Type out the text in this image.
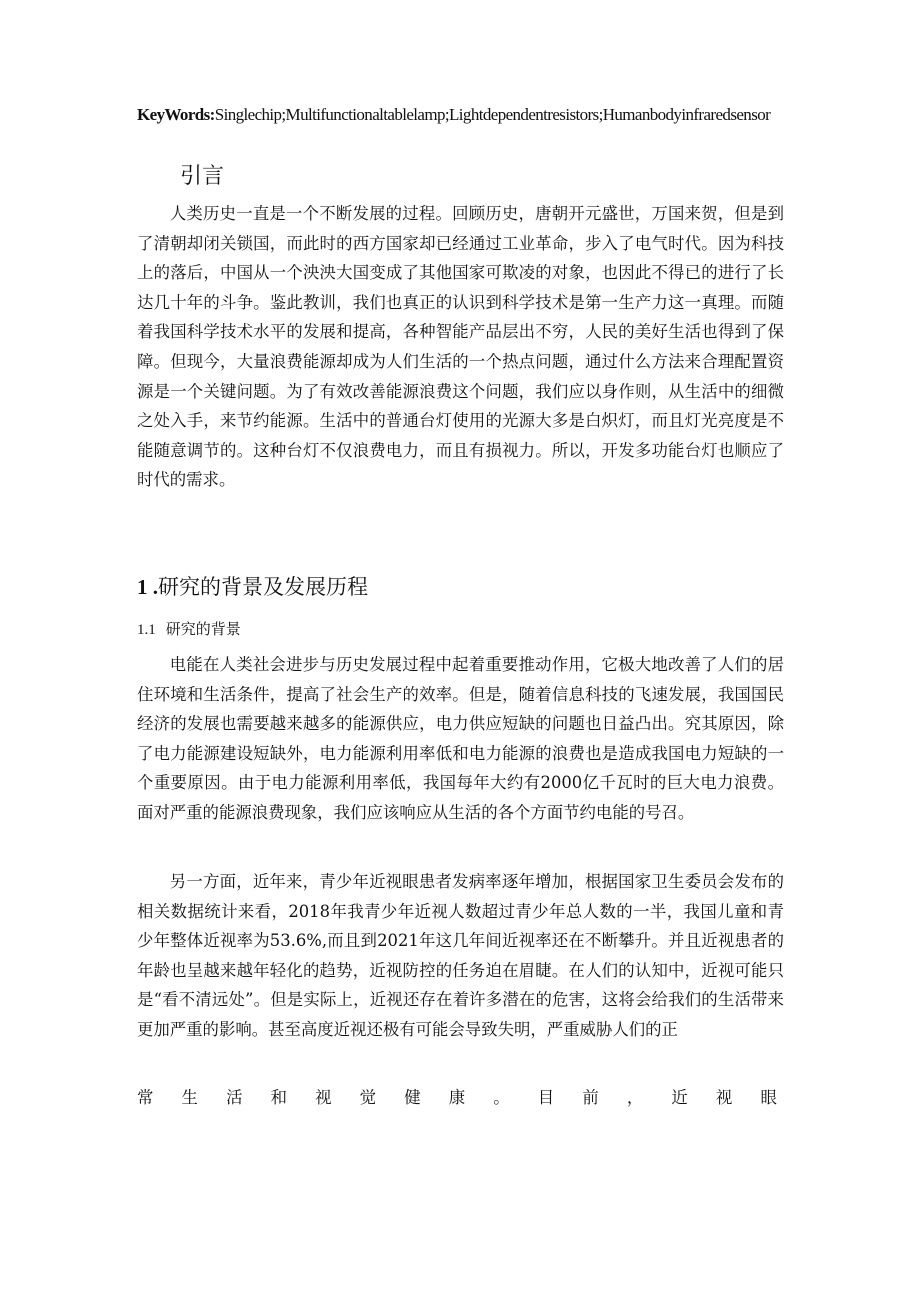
KeyWords:Singlechip;Multifunctionaltablelamp;Lightdependentresistors;Humanbodyinfraredsensor
引言

人类历史一直是一个不断发展的过程。回顾历史，唐朝开元盛世，万国来贺，但是到了清朝却闭关锁国，而此时的西方国家却已经通过工业革命，步入了电气时代。因为科技上的落后，中国从一个泱泱大国变成了其他国家可欺凌的对象，也因此不得已的进行了长达几十年的斗争。鉴此教训，我们也真正的认识到科学技术是第一生产力这一真理。而随着我国科学技术水平的发展和提高，各种智能产品层出不穷，人民的美好生活也得到了保障。但现今，大量浪费能源却成为人们生活的一个热点问题，通过什么方法来合理配置资源是一个关键问题。为了有效改善能源浪费这个问题，我们应以身作则，从生活中的细微之处入手，来节约能源。生活中的普通台灯使用的光源大多是白炽灯，而且灯光亮度是不能随意调节的。这种台灯不仅浪费电力，而且有损视力。所以，开发多功能台灯也顺应了时代的需求。

1 .研究的背景及发展历程
1.1 研究的背景

电能在人类社会进步与历史发展过程中起着重要推动作用，它极大地改善了人们的居住环境和生活条件，提高了社会生产的效率。但是，随着信息科技的飞速发展，我国国民经济的发展也需要越来越多的能源供应，电力供应短缺的问题也日益凸出。究其原因，除了电力能源建设短缺外，电力能源利用率低和电力能源的浪费也是造成我国电力短缺的一个重要原因。由于电力能源利用率低，我国每年大约有2000亿千瓦时的巨大电力浪费。面对严重的能源浪费现象，我们应该响应从生活的各个方面节约电能的号召。

另一方面，近年来，青少年近视眼患者发病率逐年增加，根据国家卫生委员会发布的相关数据统计来看，2018年我青少年近视人数超过青少年总人数的一半，我国儿童和青少年整体近视率为53.6%,而且到2021年这几年间近视率还在不断攀升。并且近视患者的年龄也呈越来越年轻化的趋势，近视防控的任务迫在眉睫。在人们的认知中，近视可能只是“看不清远处”。但是实际上，近视还存在着许多潜在的危害，这将会给我们的生活带来更加严重的影响。甚至高度近视还极有可能会导致失明，严重威胁人们的正

常 生 活 和 视 觉 健 康 。 目 前 ， 近 视 眼
